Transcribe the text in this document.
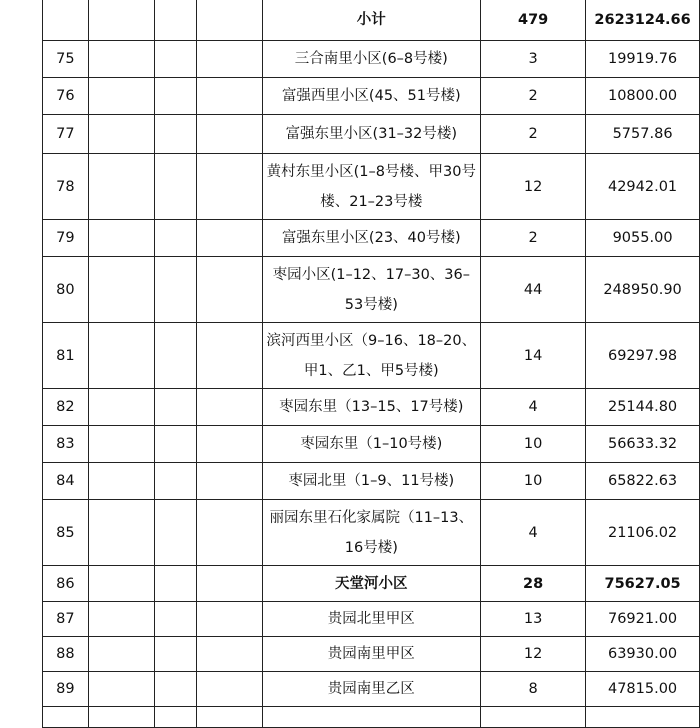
				小计	479	2623124.66
75				三合南里小区(6–8号楼)	3	19919.76
76				富强西里小区(45、51号楼)	2	10800.00
77				富强东里小区(31–32号楼)	2	5757.86
78				黄村东里小区(1–8号楼、甲30号楼、21–23号楼	12	42942.01
79				富强东里小区(23、40号楼)	2	9055.00
80				枣园小区(1–12、17–30、36–53号楼)	44	248950.90
81				滨河西里小区（9–16、18–20、甲1、乙1、甲5号楼)	14	69297.98
82				枣园东里（13–15、17号楼)	4	25144.80
83				枣园东里（1–10号楼)	10	56633.32
84				枣园北里（1–9、11号楼)	10	65822.63
85				丽园东里石化家属院（11–13、16号楼)	4	21106.02
86				天堂河小区	28	75627.05
87				贵园北里甲区	13	76921.00
88				贵园南里甲区	12	63930.00
89				贵园南里乙区	8	47815.00
